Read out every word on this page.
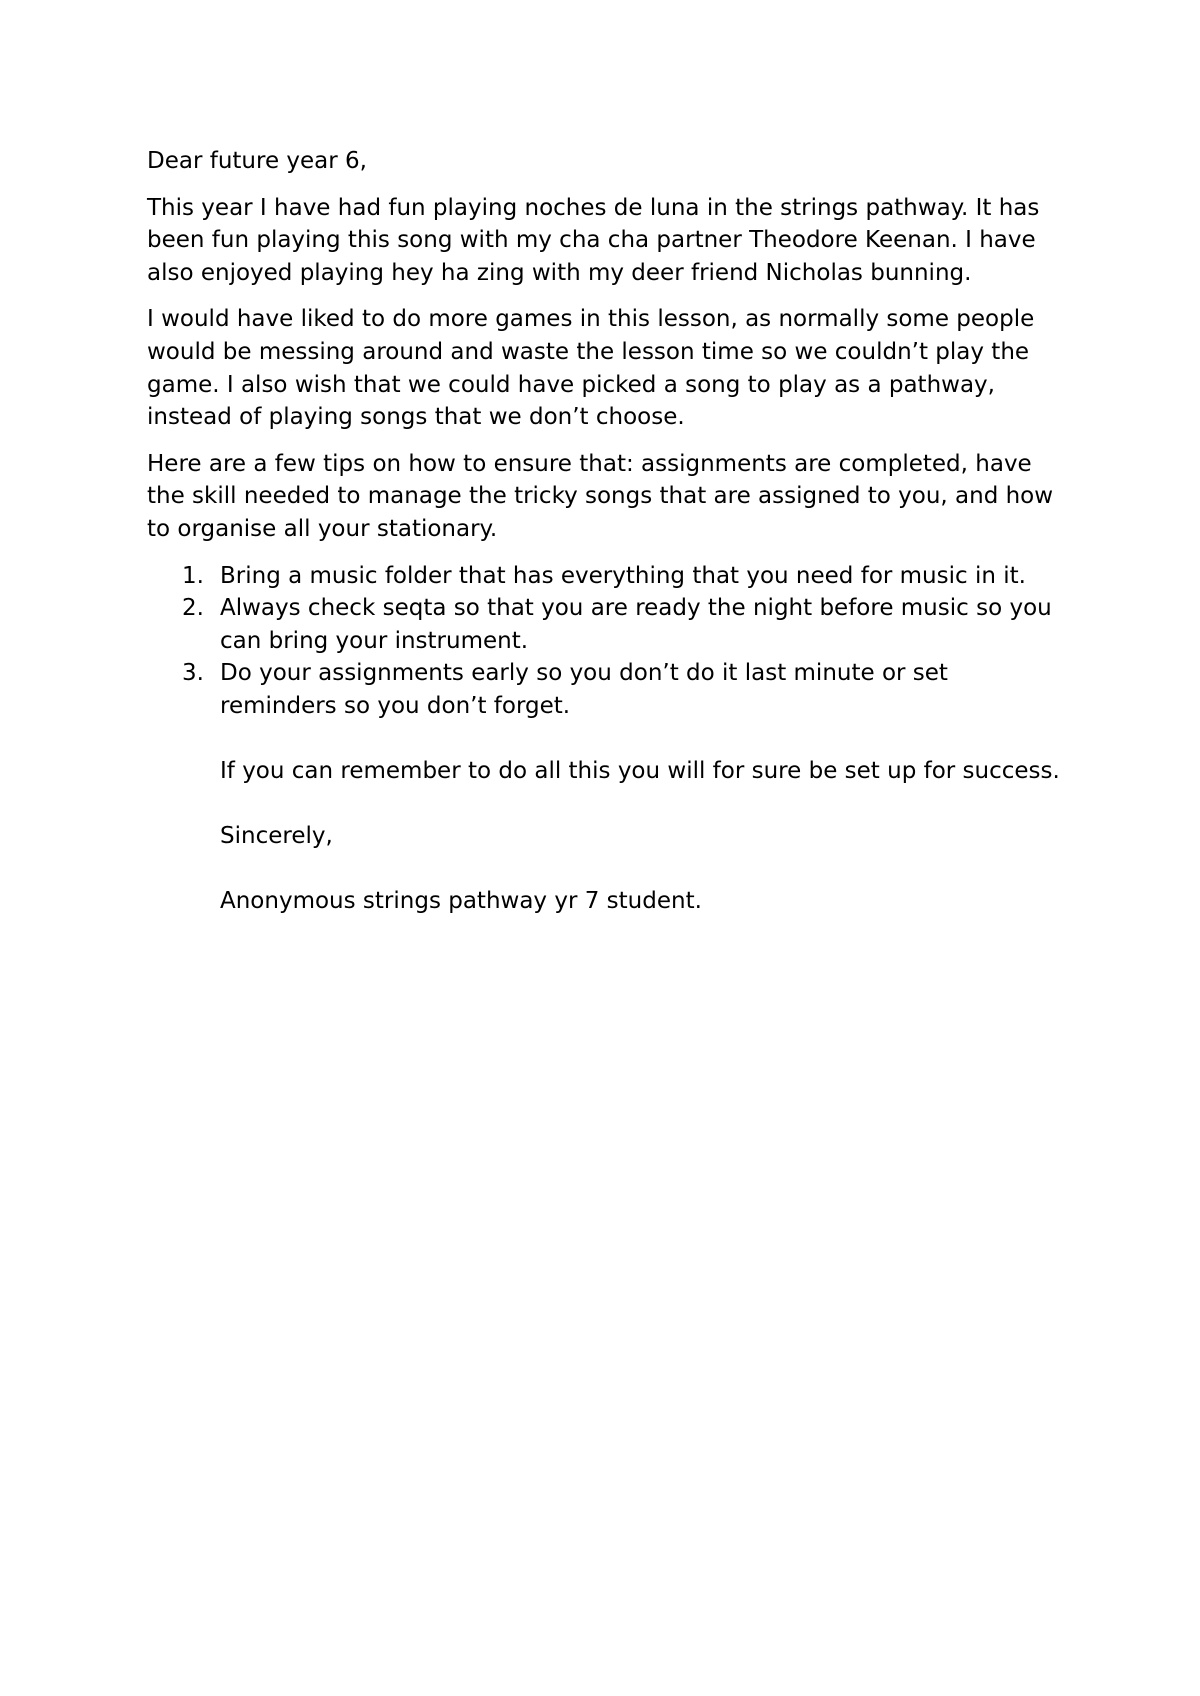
Dear future year 6,

This year I have had fun playing noches de luna in the strings pathway. It has been fun playing this song with my cha cha partner Theodore Keenan. I have also enjoyed playing hey ha zing with my deer friend Nicholas bunning.

I would have liked to do more games in this lesson, as normally some people would be messing around and waste the lesson time so we couldn’t play the game. I also wish that we could have picked a song to play as a pathway, instead of playing songs that we don’t choose.

Here are a few tips on how to ensure that: assignments are completed, have the skill needed to manage the tricky songs that are assigned to you, and how to organise all your stationary.

1. Bring a music folder that has everything that you need for music in it.
2. Always check seqta so that you are ready the night before music so you can bring your instrument.
3. Do your assignments early so you don’t do it last minute or set reminders so you don’t forget.

If you can remember to do all this you will for sure be set up for success.

Sincerely,

Anonymous strings pathway yr 7 student.
